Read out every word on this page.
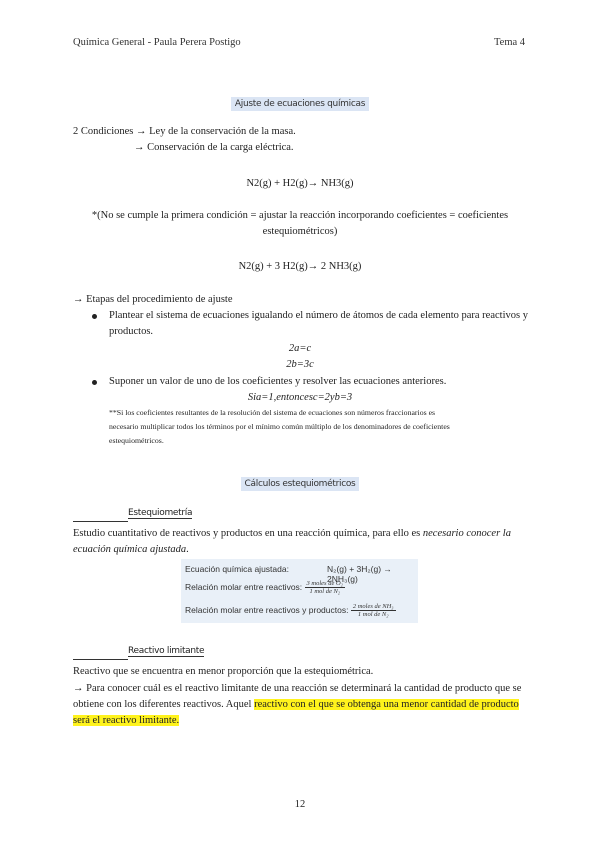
Química General - Paula Perera Postigo	Tema 4
Ajuste de ecuaciones químicas
2 Condiciones → Ley de la conservación de la masa.
→ Conservación de la carga eléctrica.
N2(g) + H2(g)→ NH3(g)
*(No se cumple la primera condición = ajustar la reacción incorporando coeficientes = coeficientes
estequiométricos)
N2(g) + 3 H2(g)→ 2 NH3(g)
→ Etapas del procedimiento de ajuste
Plantear el sistema de ecuaciones igualando el número de átomos de cada elemento para reactivos y
productos.
2a=c
2b=3c
Suponer un valor de uno de los coeficientes y resolver las ecuaciones anteriores.
Sia=1,entoncesc=2yb=3
**Si los coeficientes resultantes de la resolución del sistema de ecuaciones son números fraccionarios es
necesario multiplicar todos los términos por el mínimo común múltiplo de los denominadores de coeficientes
estequiométricos.
Cálculos estequiométricos
Estequiometría
Estudio cuantitativo de reactivos y productos en una reacción química, para ello es necesario conocer la
ecuación química ajustada.
Ecuación química ajustada:	N₂(g) + 3H₂(g) → 2NH₃(g)
Relación molar entre reactivos: $\frac{\text{3 moles de O₂}}{\text{1 mol de N₂}}$
Relación molar entre reactivos y productos: $\frac{\text{2 moles de NH₃}}{\text{1 mol de N₂}}$
Reactivo limitante
Reactivo que se encuentra en menor proporción que la estequiométrica.
→ Para conocer cuál es el reactivo limitante de una reacción se determinará la cantidad de producto que se
obtiene con los diferentes reactivos. Aquel reactivo con el que se obtenga una menor cantidad de producto
será el reactivo limitante.
12
